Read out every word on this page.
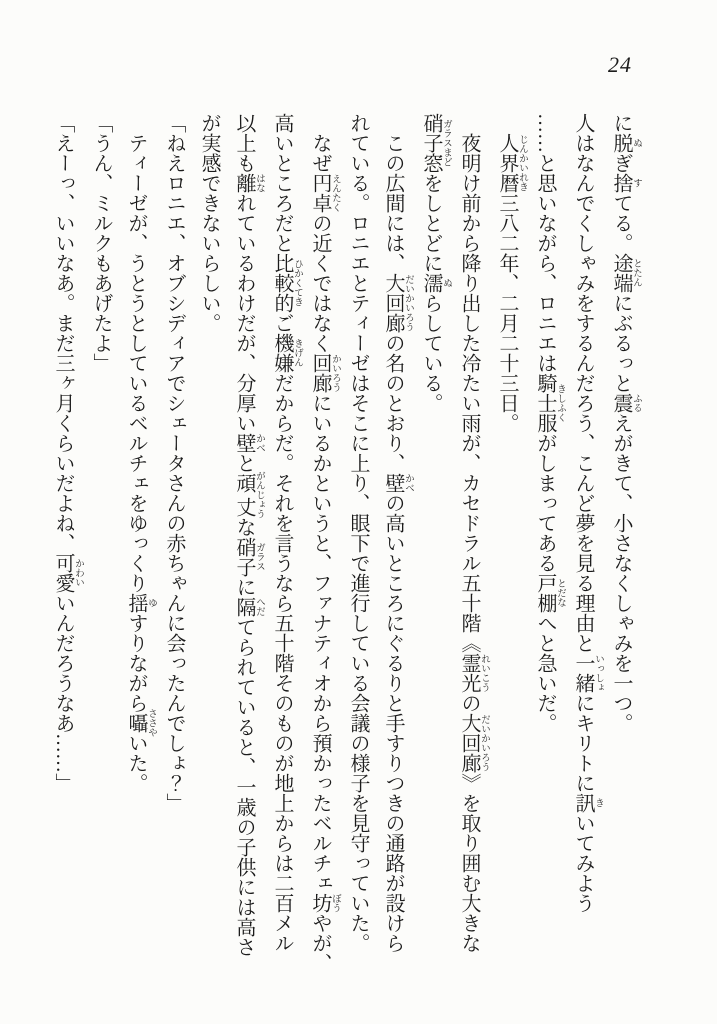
24
に脱 ぬぎ捨 すてる。途端 とたんにぶるっと震 ふるえがきて、小さなくしゃみを一つ。
人はなんでくしゃみをするんだろう、こんど夢を見る理由と一緒 いっしょにキリトに訊 きいてみよう
……と思いながら、ロニエは騎士服 きしふくがしまってある戸棚 とだなへと急いだ。
人界暦 じんかいれき三八二年、二月二十三日。
夜明け前から降り出した冷たい雨が、カセドラル五十階《霊光 れいこうの大回廊 だいかいろう》を取り囲む大きな
硝子窓 ガラスまどをしとどに濡 ぬらしている。
この広間には、大回廊 だいかいろうの名のとおり、壁 かべの高いところにぐるりと手すりつきの通路が設けら
れている。ロニエとティーゼはそこに上り、眼下で進行している会議の様子を見守っていた。
なぜ円卓 えんたくの近くではなく回廊 かいろうにいるかというと、ファナティオから預かったベルチェ坊 ぼうやが、
高いところだと比較的 ひかくてきご機嫌 きげんだからだ。それを言うなら五十階そのものが地上からは二百メル
以上も離 はなれているわけだが、分厚い壁 かべと頑丈 がんじょうな硝子 ガラスに隔 へだてられていると、一歳の子供には高さ
が実感できないらしい。
「ねえロニエ、オブシディアでシェータさんの赤ちゃんに会ったんでしょ？」
ティーゼが、うとうとしているベルチェをゆっくり揺 ゆすりながら囁 ささやいた。
「うん、ミルクもあげたよ」
「えーっ、いいなあ。まだ三ヶ月くらいだよね、可愛 かわいいんだろうなあ……」
